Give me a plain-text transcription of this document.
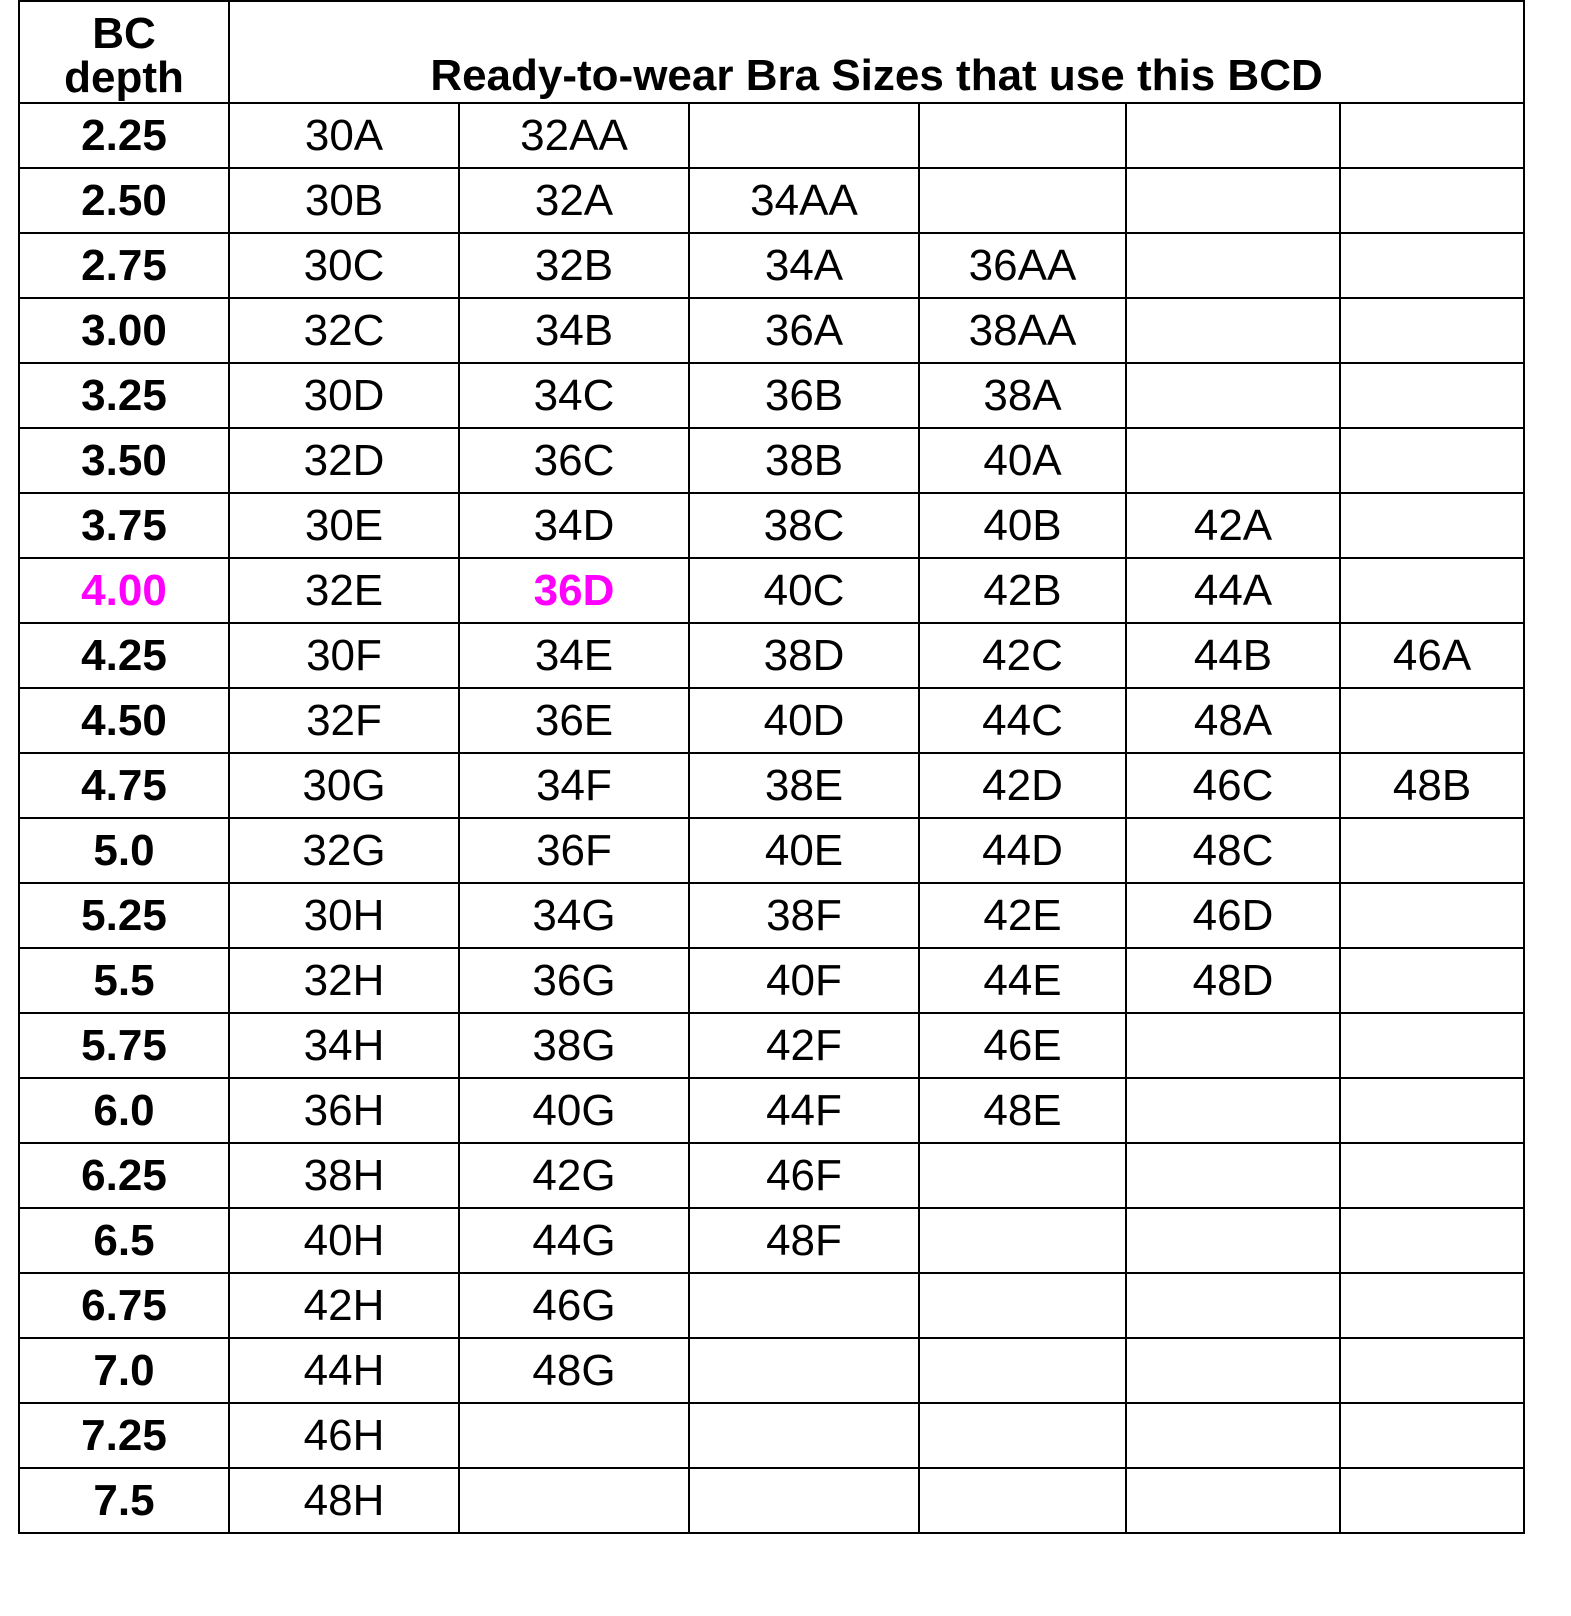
BC
depth	Ready-to-wear Bra Sizes that use this BCD					
2.25	30A	32AA				
2.50	30B	32A	34AA			
2.75	30C	32B	34A	36AA		
3.00	32C	34B	36A	38AA		
3.25	30D	34C	36B	38A		
3.50	32D	36C	38B	40A		
3.75	30E	34D	38C	40B	42A	
4.00	32E	36D	40C	42B	44A	
4.25	30F	34E	38D	42C	44B	46A
4.50	32F	36E	40D	44C	48A	
4.75	30G	34F	38E	42D	46C	48B
5.0	32G	36F	40E	44D	48C	
5.25	30H	34G	38F	42E	46D	
5.5	32H	36G	40F	44E	48D	
5.75	34H	38G	42F	46E		
6.0	36H	40G	44F	48E		
6.25	38H	42G	46F			
6.5	40H	44G	48F			
6.75	42H	46G				
7.0	44H	48G				
7.25	46H					
7.5	48H					
